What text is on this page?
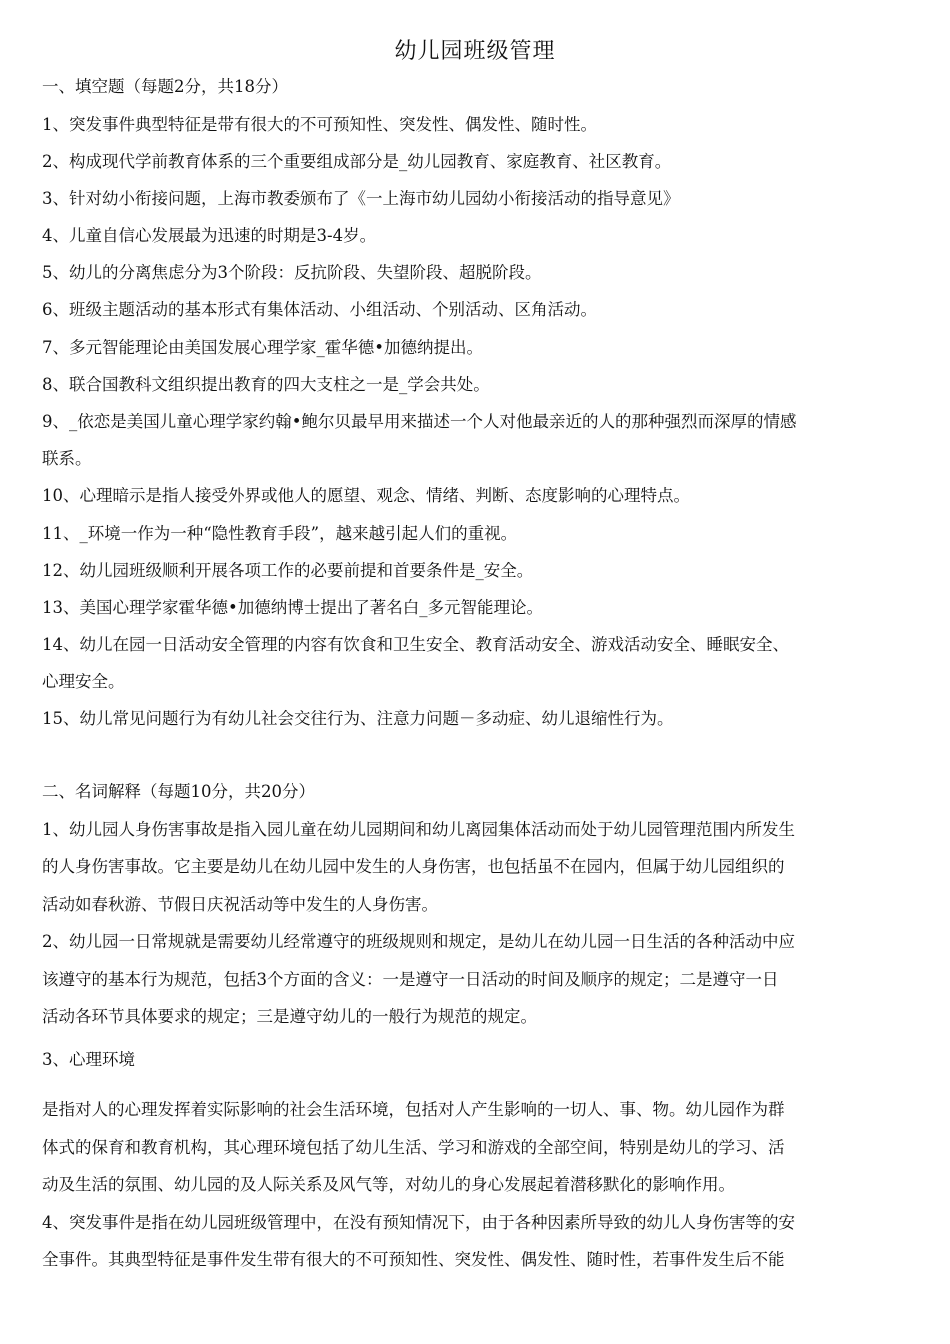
幼儿园班级管理
一、填空题（每题2分，共18分）
1、突发事件典型特征是带有很大的不可预知性、突发性、偶发性、随时性。
2、构成现代学前教育体系的三个重要组成部分是_幼儿园教育、家庭教育、社区教育。
3、针对幼小衔接问题，上海市教委颁布了《一上海市幼儿园幼小衔接活动的指导意见》
4、儿童自信心发展最为迅速的时期是3-4岁。
5、幼儿的分离焦虑分为3个阶段：反抗阶段、失望阶段、超脱阶段。
6、班级主题活动的基本形式有集体活动、小组活动、个别活动、区角活动。
7、多元智能理论由美国发展心理学家_霍华德•加德纳提出。
8、联合国教科文组织提出教育的四大支柱之一是_学会共处。
9、_依恋是美国儿童心理学家约翰•鲍尔贝最早用来描述一个人对他最亲近的人的那种强烈而深厚的情感
联系。
10、心理暗示是指人接受外界或他人的愿望、观念、情绪、判断、态度影响的心理特点。
11、_环境一作为一种“隐性教育手段”，越来越引起人们的重视。
12、幼儿园班级顺利开展各项工作的必要前提和首要条件是_安全。
13、美国心理学家霍华德•加德纳博士提出了著名白_多元智能理论。
14、幼儿在园一日活动安全管理的内容有饮食和卫生安全、教育活动安全、游戏活动安全、睡眠安全、
心理安全。
15、幼儿常见问题行为有幼儿社会交往行为、注意力问题－多动症、幼儿退缩性行为。
二、名词解释（每题10分，共20分）
1、幼儿园人身伤害事故是指入园儿童在幼儿园期间和幼儿离园集体活动而处于幼儿园管理范围内所发生
的人身伤害事故。它主要是幼儿在幼儿园中发生的人身伤害，也包括虽不在园内，但属于幼儿园组织的
活动如春秋游、节假日庆祝活动等中发生的人身伤害。
2、幼儿园一日常规就是需要幼儿经常遵守的班级规则和规定，是幼儿在幼儿园一日生活的各种活动中应
该遵守的基本行为规范，包括3个方面的含义：一是遵守一日活动的时间及顺序的规定；二是遵守一日
活动各环节具体要求的规定；三是遵守幼儿的一般行为规范的规定。
3、心理环境
是指对人的心理发挥着实际影响的社会生活环境，包括对人产生影响的一切人、事、物。幼儿园作为群
体式的保育和教育机构，其心理环境包括了幼儿生活、学习和游戏的全部空间，特别是幼儿的学习、活
动及生活的氛围、幼儿园的及人际关系及风气等，对幼儿的身心发展起着潜移默化的影响作用。
4、突发事件是指在幼儿园班级管理中，在没有预知情况下，由于各种因素所导致的幼儿人身伤害等的安
全事件。其典型特征是事件发生带有很大的不可预知性、突发性、偶发性、随时性，若事件发生后不能
